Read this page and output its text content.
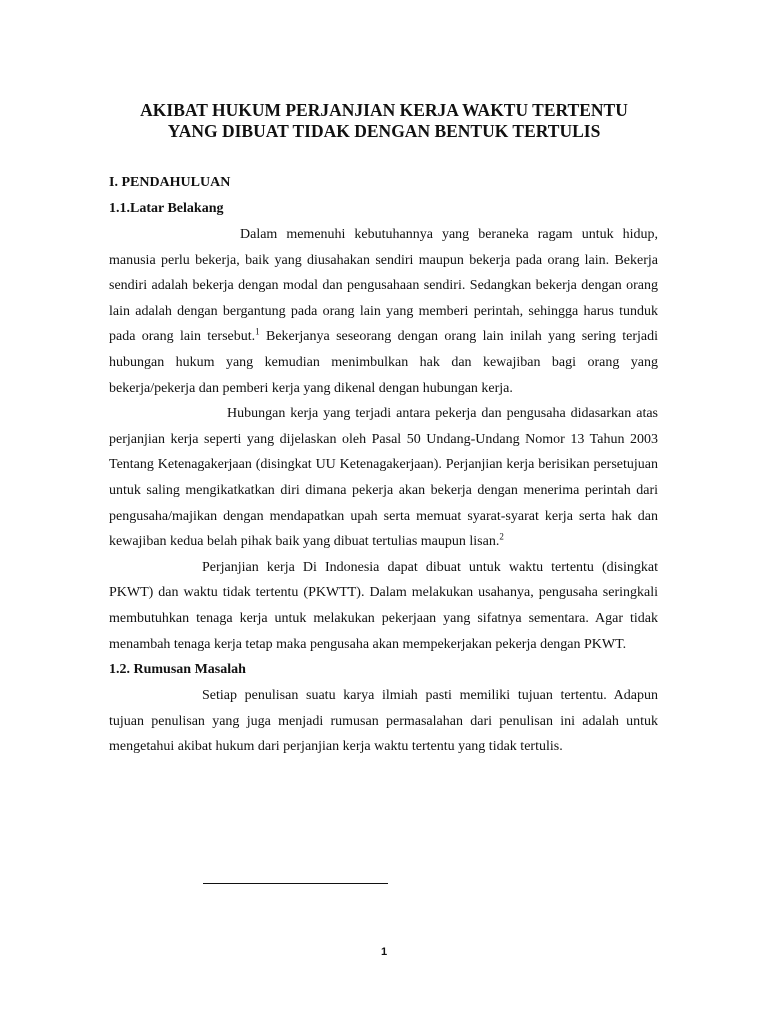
AKIBAT HUKUM PERJANJIAN KERJA WAKTU TERTENTU
YANG DIBUAT TIDAK DENGAN BENTUK TERTULIS
I. PENDAHULUAN
1.1.Latar Belakang

Dalam memenuhi kebutuhannya yang beraneka ragam untuk hidup, manusia perlu bekerja, baik yang diusahakan sendiri maupun bekerja pada orang lain. Bekerja sendiri adalah bekerja dengan modal dan pengusahaan sendiri. Sedangkan bekerja dengan orang lain adalah dengan bergantung pada orang lain yang memberi perintah, sehingga harus tunduk pada orang lain tersebut.$^1$ Bekerjanya seseorang dengan orang lain inilah yang sering terjadi hubungan hukum yang kemudian menimbulkan hak dan kewajiban bagi orang yang bekerja/pekerja dan pemberi kerja yang dikenal dengan hubungan kerja.

Hubungan kerja yang terjadi antara pekerja dan pengusaha didasarkan atas perjanjian kerja seperti yang dijelaskan oleh Pasal 50 Undang-Undang Nomor 13 Tahun 2003 Tentang Ketenagakerjaan (disingkat UU Ketenagakerjaan). Perjanjian kerja berisikan persetujuan untuk saling mengikatkatkan diri dimana pekerja akan bekerja dengan menerima perintah dari pengusaha/majikan dengan mendapatkan upah serta memuat syarat-syarat kerja serta hak dan kewajiban kedua belah pihak baik yang dibuat tertulias maupun lisan.$^2$

Perjanjian kerja Di Indonesia dapat dibuat untuk waktu tertentu (disingkat PKWT) dan waktu tidak tertentu (PKWTT). Dalam melakukan usahanya, pengusaha seringkali membutuhkan tenaga kerja untuk melakukan pekerjaan yang sifatnya sementara. Agar tidak menambah tenaga kerja tetap maka pengusaha akan mempekerjakan pekerja dengan PKWT.

1.2. Rumusan Masalah

Setiap penulisan suatu karya ilmiah pasti memiliki tujuan tertentu. Adapun tujuan penulisan yang juga menjadi rumusan permasalahan dari penulisan ini adalah untuk mengetahui akibat hukum dari perjanjian kerja waktu tertentu yang tidak tertulis.

1
